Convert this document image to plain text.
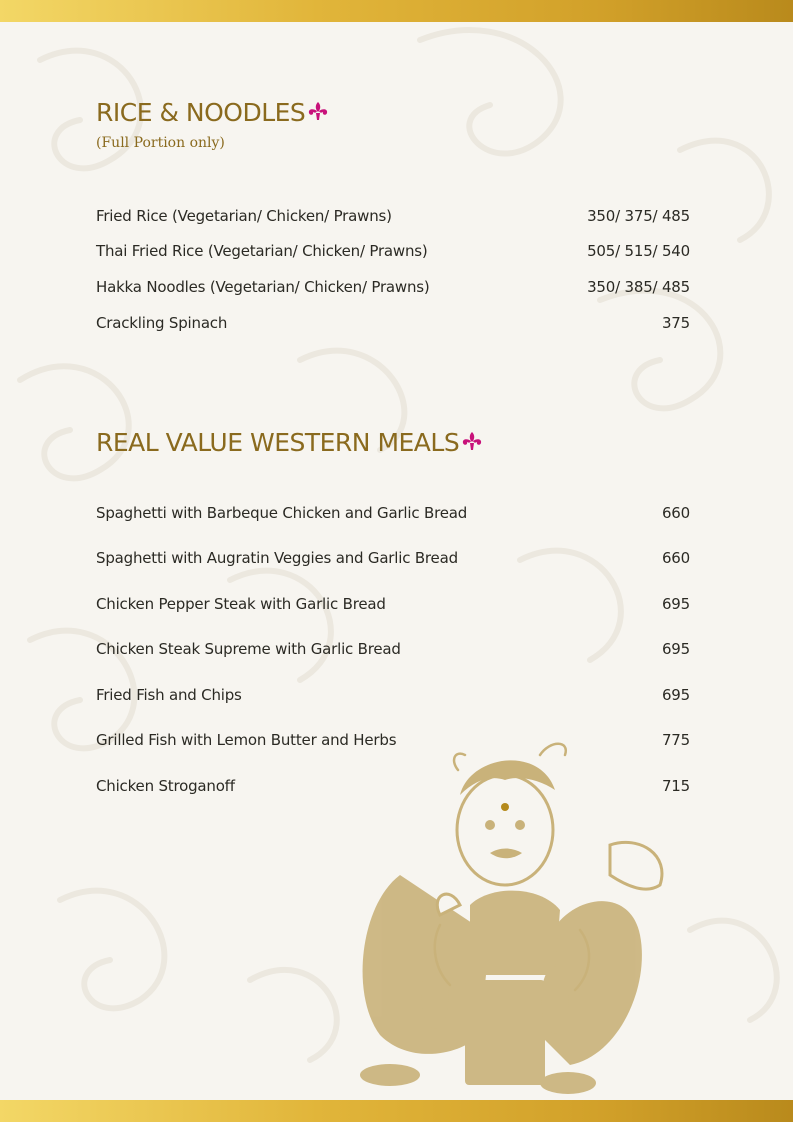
RICE & NOODLES

(Full Portion only)

Fried Rice (Vegetarian/ Chicken/ Prawns)	350/ 375/ 485
Thai Fried Rice (Vegetarian/ Chicken/ Prawns)	505/ 515/ 540
Hakka Noodles (Vegetarian/ Chicken/ Prawns)	350/ 385/ 485
Crackling Spinach	375
REAL VALUE WESTERN MEALS
Spaghetti with Barbeque Chicken and Garlic Bread	660
Spaghetti with Augratin Veggies and Garlic Bread	660
Chicken Pepper Steak with Garlic Bread	695
Chicken Steak Supreme with Garlic Bread	695
Fried Fish and Chips	695
Grilled Fish with Lemon Butter and Herbs	775
Chicken Stroganoff	715
